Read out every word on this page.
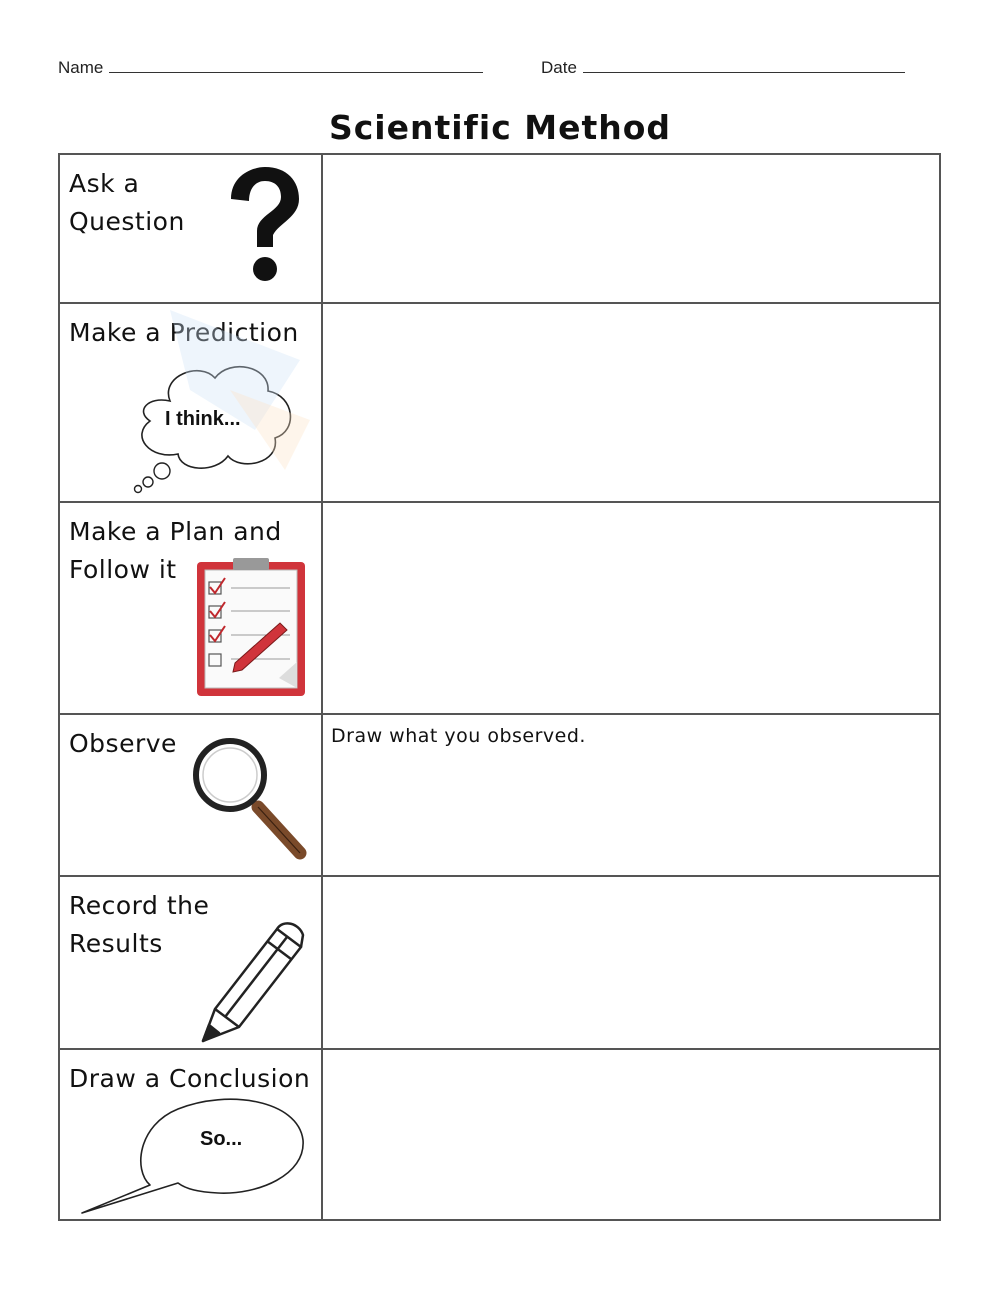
Name	Date
Scientific Method
Ask a
Question
Make a Prediction
I think...
Make a Plan and
Follow it
Observe	Draw what you observed.
Record the
Results
Draw a Conclusion
So...
